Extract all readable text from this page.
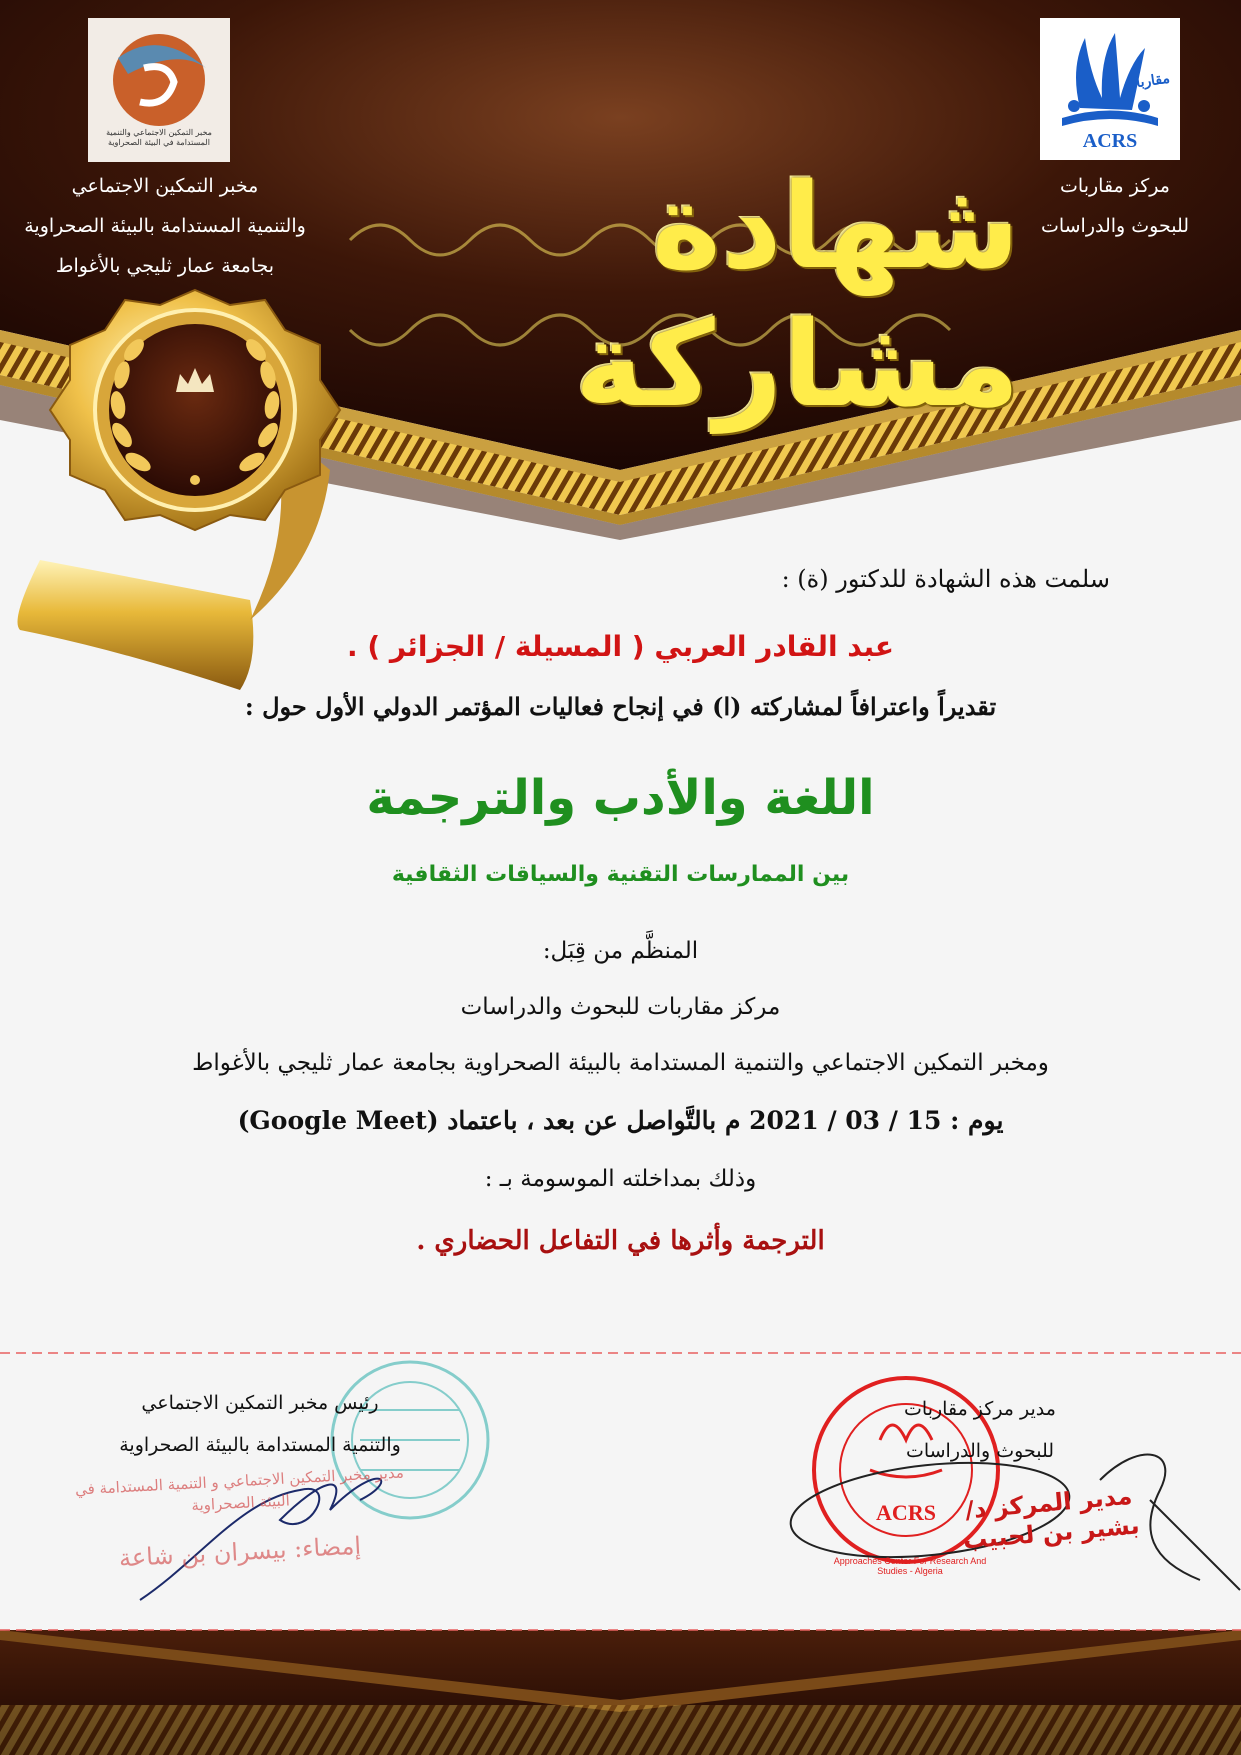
مخبر التمكين الاجتماعي والتنمية المستدامة في البيئة الصحراوية
مقاربات
ACRS
مخبر التمكين الاجتماعي
والتنمية المستدامة بالبيئة الصحراوية
بجامعة عمار ثليجي بالأغواط
مركز مقاربات
للبحوث والدراسات
شهادة مشاركة
سلمت هذه الشهادة للدكتور (ة) :
عبد القادر العربي ( المسيلة / الجزائر ) .
تقديراً واعترافاً لمشاركته (ا) في إنجاح فعاليات المؤتمر الدولي الأول حول :
اللغة والأدب والترجمة
بين الممارسات التقنية والسياقات الثقافية
المنظَّم من قِبَل:
مركز مقاربات للبحوث والدراسات
ومخبر التمكين الاجتماعي والتنمية المستدامة بالبيئة الصحراوية بجامعة عمار ثليجي بالأغواط
يوم : 15 / 03 / 2021 م بالتَّواصل عن بعد ، باعتماد (Google Meet)
وذلك بمداخلته الموسومة بـ :
الترجمة وأثرها في التفاعل الحضاري .
رئيس مخبر التمكين الاجتماعي
والتنمية المستدامة بالبيئة الصحراوية
مدير مخبر التمكين الاجتماعي و التنمية المستدامة في البيئة الصحراوية
إمضاء: بيسران بن شاعة
مدير مركز مقاربات
للبحوث والدراسات
Approaches Center For Research And Studies - Algeria
ACRS	مدير المركز د/بشير بن لحبيب
